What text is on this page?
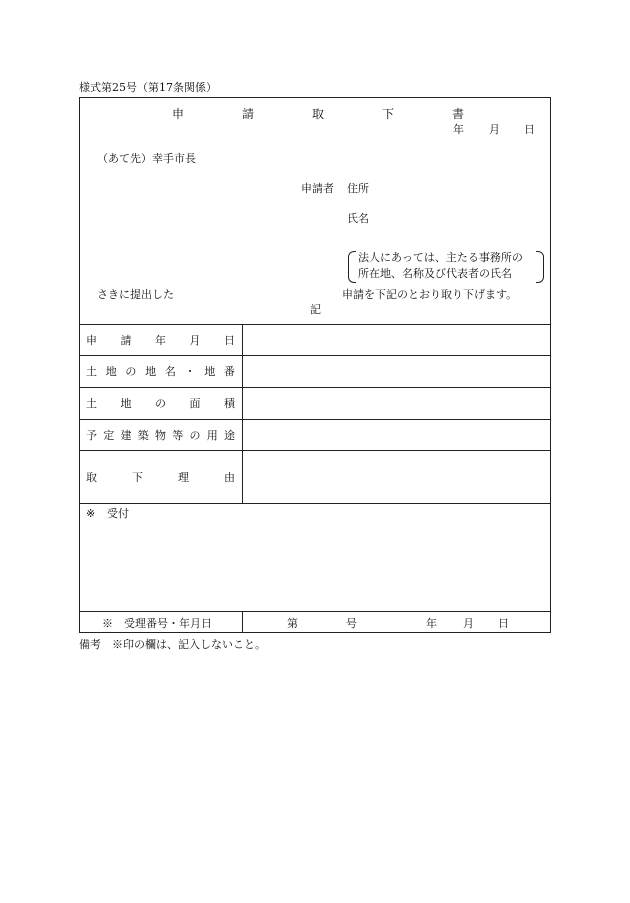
様式第25号（第17条関係）
申	請	取	下	書
年 月 日
（あて先）幸手市長
申請者 住所
氏名
法人にあっては、主たる事務所の
所在地、名称及び代表者の氏名
さきに提出した	申請を下記のとおり取り下げます。
記
申 請 年 月 日
土 地 の 地 名 ・ 地 番
土 地 の 面 積
予 定 建 築 物 等 の 用 途
取	下	理	由
※ 受付
※　受理番号・年月日	第	号	年 月 日
備考　※印の欄は、記入しないこと。
